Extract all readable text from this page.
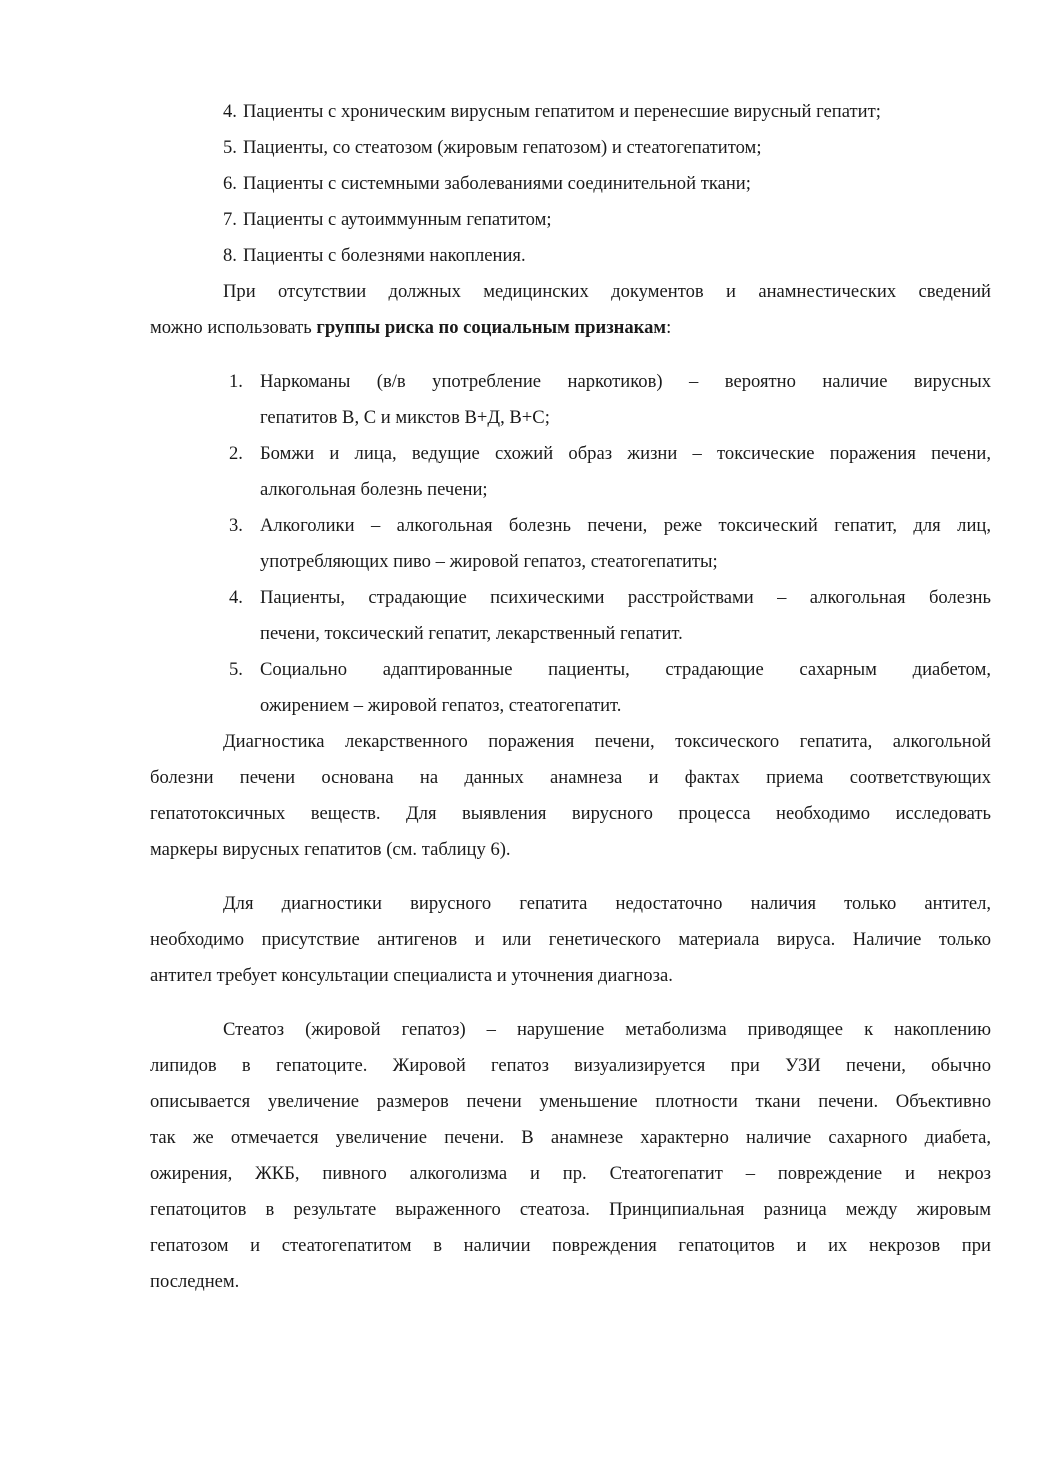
4. Пациенты с хроническим вирусным гепатитом и перенесшие вирусный гепатит;
5. Пациенты, со стеатозом (жировым гепатозом) и стеатогепатитом;
6. Пациенты с системными заболеваниями соединительной ткани;
7. Пациенты с аутоиммунным гепатитом;
8. Пациенты с болезнями накопления.
При отсутствии должных медицинских документов и анамнестических сведений
можно использовать группы риска по социальным признакам:
1. Наркоманы (в/в употребление наркотиков) – вероятно наличие вирусных
гепатитов В, С и микстов В+Д, В+С;
2. Бомжи и лица, ведущие схожий образ жизни – токсические поражения печени,
алкогольная болезнь печени;
3. Алкоголики – алкогольная болезнь печени, реже токсический гепатит, для лиц,
употребляющих пиво – жировой гепатоз, стеатогепатиты;
4. Пациенты, страдающие психическими расстройствами – алкогольная болезнь
печени, токсический гепатит, лекарственный гепатит.
5. Социально адаптированные пациенты, страдающие сахарным диабетом,
ожирением – жировой гепатоз, стеатогепатит.
Диагностика лекарственного поражения печени, токсического гепатита, алкогольной
болезни печени основана на данных анамнеза и фактах приема соответствующих
гепатотоксичных веществ. Для выявления вирусного процесса необходимо исследовать
маркеры вирусных гепатитов (см. таблицу 6).
Для диагностики вирусного гепатита недостаточно наличия только антител,
необходимо присутствие антигенов и или генетического материала вируса. Наличие только
антител требует консультации специалиста и уточнения диагноза.
Стеатоз (жировой гепатоз) – нарушение метаболизма приводящее к накоплению
липидов в гепатоците. Жировой гепатоз визуализируется при УЗИ печени, обычно
описывается увеличение размеров печени уменьшение плотности ткани печени. Объективно
так же отмечается увеличение печени. В анамнезе характерно наличие сахарного диабета,
ожирения, ЖКБ, пивного алкоголизма и пр. Стеатогепатит – повреждение и некроз
гепатоцитов в результате выраженного стеатоза. Принципиальная разница между жировым
гепатозом и стеатогепатитом в наличии повреждения гепатоцитов и их некрозов при
последнем.
